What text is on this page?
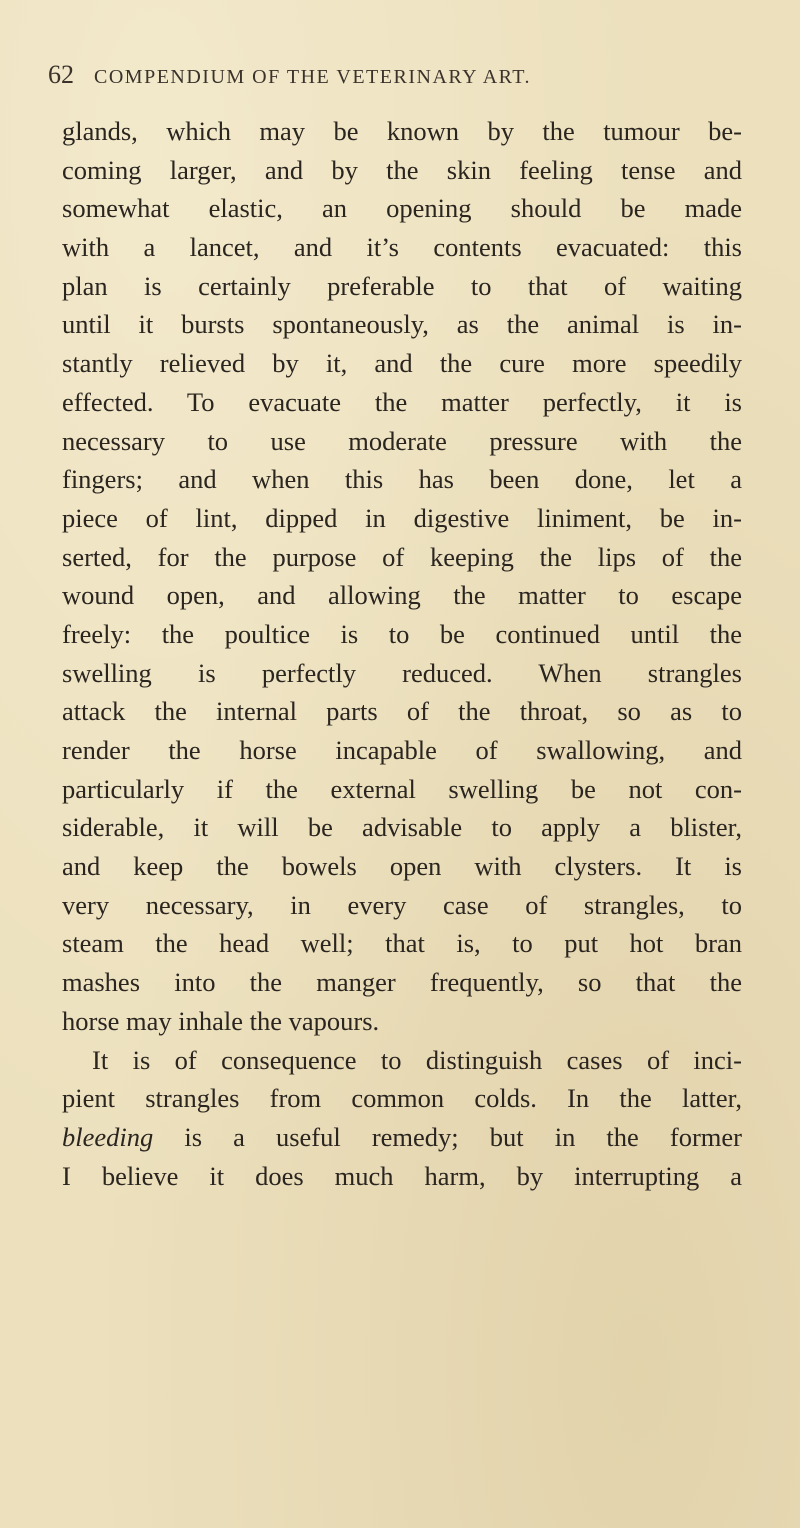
62 COMPENDIUM OF THE VETERINARY ART.
glands, which may be known by the tumour be-
coming larger, and by the skin feeling tense and
somewhat elastic, an opening should be made
with a lancet, and it’s contents evacuated: this
plan is certainly preferable to that of waiting
until it bursts spontaneously, as the animal is in-
stantly relieved by it, and the cure more speedily
effected. To evacuate the matter perfectly, it is
necessary to use moderate pressure with the
fingers; and when this has been done, let a
piece of lint, dipped in digestive liniment, be in-
serted, for the purpose of keeping the lips of the
wound open, and allowing the matter to escape
freely: the poultice is to be continued until the
swelling is perfectly reduced. When strangles
attack the internal parts of the throat, so as to
render the horse incapable of swallowing, and
particularly if the external swelling be not con-
siderable, it will be advisable to apply a blister,
and keep the bowels open with clysters. It is
very necessary, in every case of strangles, to
steam the head well; that is, to put hot bran
mashes into the manger frequently, so that the
horse may inhale the vapours.
It is of consequence to distinguish cases of inci-
pient strangles from common colds. In the latter,
bleeding is a useful remedy; but in the former
I believe it does much harm, by interrupting a
